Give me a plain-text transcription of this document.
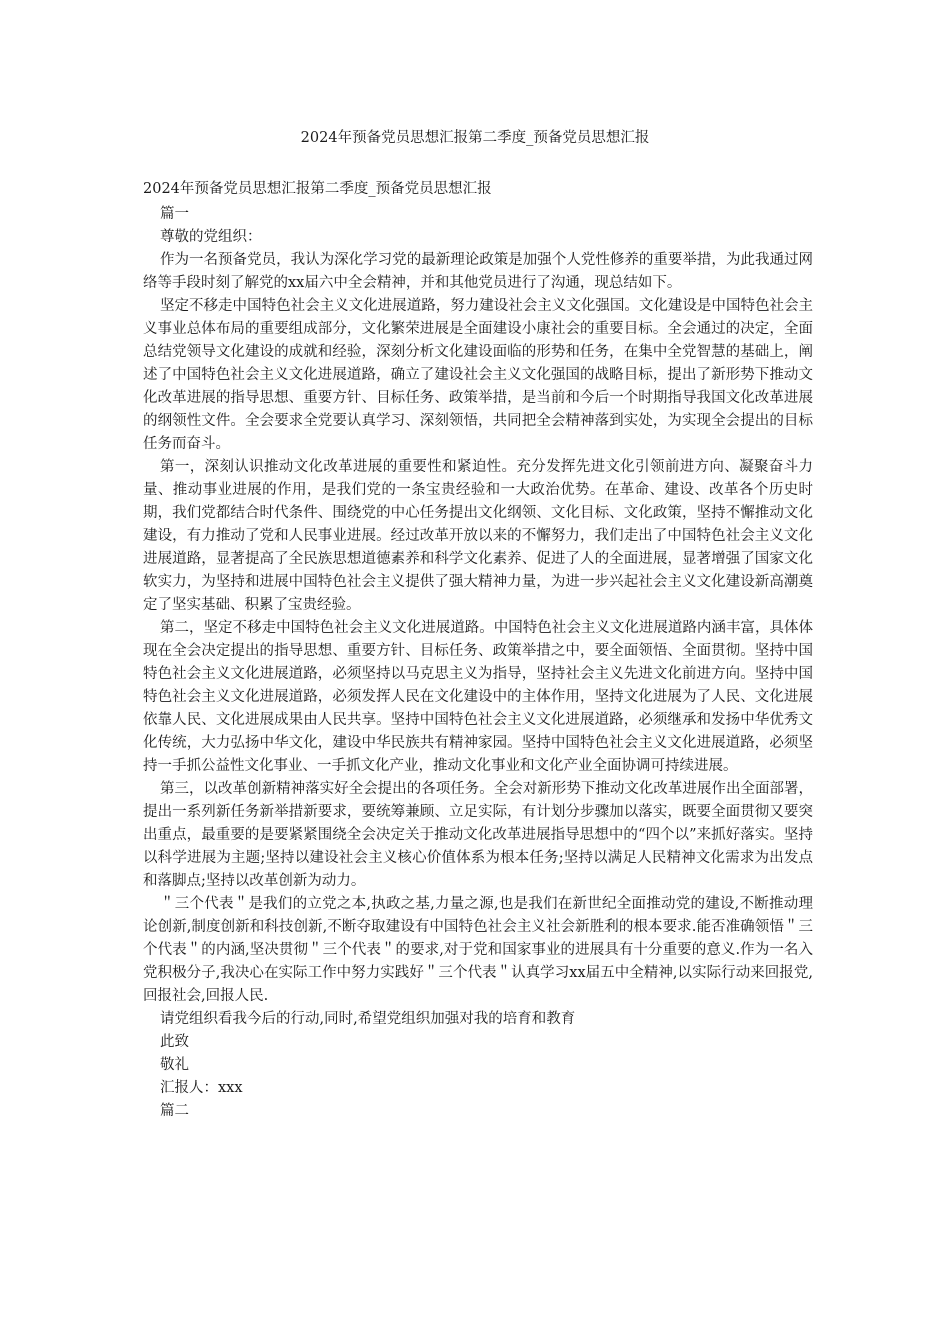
2024年预备党员思想汇报第二季度_预备党员思想汇报

2024年预备党员思想汇报第二季度_预备党员思想汇报

篇一

尊敬的党组织：

作为一名预备党员，我认为深化学习党的最新理论政策是加强个人党性修养的重要举措，为此我通过网络等手段时刻了解党的xx届六中全会精神，并和其他党员进行了沟通，现总结如下。

坚定不移走中国特色社会主义文化进展道路，努力建设社会主义文化强国。文化建设是中国特色社会主义事业总体布局的重要组成部分，文化繁荣进展是全面建设小康社会的重要目标。全会通过的决定，全面总结党领导文化建设的成就和经验，深刻分析文化建设面临的形势和任务，在集中全党智慧的基础上，阐述了中国特色社会主义文化进展道路，确立了建设社会主义文化强国的战略目标，提出了新形势下推动文化改革进展的指导思想、重要方针、目标任务、政策举措，是当前和今后一个时期指导我国文化改革进展的纲领性文件。全会要求全党要认真学习、深刻领悟，共同把全会精神落到实处，为实现全会提出的目标任务而奋斗。

第一，深刻认识推动文化改革进展的重要性和紧迫性。充分发挥先进文化引领前进方向、凝聚奋斗力量、推动事业进展的作用，是我们党的一条宝贵经验和一大政治优势。在革命、建设、改革各个历史时期，我们党都结合时代条件、围绕党的中心任务提出文化纲领、文化目标、文化政策，坚持不懈推动文化建设，有力推动了党和人民事业进展。经过改革开放以来的不懈努力，我们走出了中国特色社会主义文化进展道路，显著提高了全民族思想道德素养和科学文化素养、促进了人的全面进展，显著增强了国家文化软实力，为坚持和进展中国特色社会主义提供了强大精神力量，为进一步兴起社会主义文化建设新高潮奠定了坚实基础、积累了宝贵经验。

第二，坚定不移走中国特色社会主义文化进展道路。中国特色社会主义文化进展道路内涵丰富，具体体现在全会决定提出的指导思想、重要方针、目标任务、政策举措之中，要全面领悟、全面贯彻。坚持中国特色社会主义文化进展道路，必须坚持以马克思主义为指导，坚持社会主义先进文化前进方向。坚持中国特色社会主义文化进展道路，必须发挥人民在文化建设中的主体作用，坚持文化进展为了人民、文化进展依靠人民、文化进展成果由人民共享。坚持中国特色社会主义文化进展道路，必须继承和发扬中华优秀文化传统，大力弘扬中华文化，建设中华民族共有精神家园。坚持中国特色社会主义文化进展道路，必须坚持一手抓公益性文化事业、一手抓文化产业，推动文化事业和文化产业全面协调可持续进展。

第三，以改革创新精神落实好全会提出的各项任务。全会对新形势下推动文化改革进展作出全面部署，提出一系列新任务新举措新要求，要统筹兼顾、立足实际，有计划分步骤加以落实，既要全面贯彻又要突出重点，最重要的是要紧紧围绕全会决定关于推动文化改革进展指导思想中的“四个以”来抓好落实。坚持以科学进展为主题;坚持以建设社会主义核心价值体系为根本任务;坚持以满足人民精神文化需求为出发点和落脚点;坚持以改革创新为动力。

＂三个代表＂是我们的立党之本,执政之基,力量之源,也是我们在新世纪全面推动党的建设,不断推动理论创新,制度创新和科技创新,不断夺取建设有中国特色社会主义社会新胜利的根本要求.能否准确领悟＂三个代表＂的内涵,坚决贯彻＂三个代表＂的要求,对于党和国家事业的进展具有十分重要的意义.作为一名入党积极分子,我决心在实际工作中努力实践好＂三个代表＂认真学习xx届五中全精神,以实际行动来回报党,回报社会,回报人民.

请党组织看我今后的行动,同时,希望党组织加强对我的培育和教育

此致

敬礼

汇报人：xxx

篇二
